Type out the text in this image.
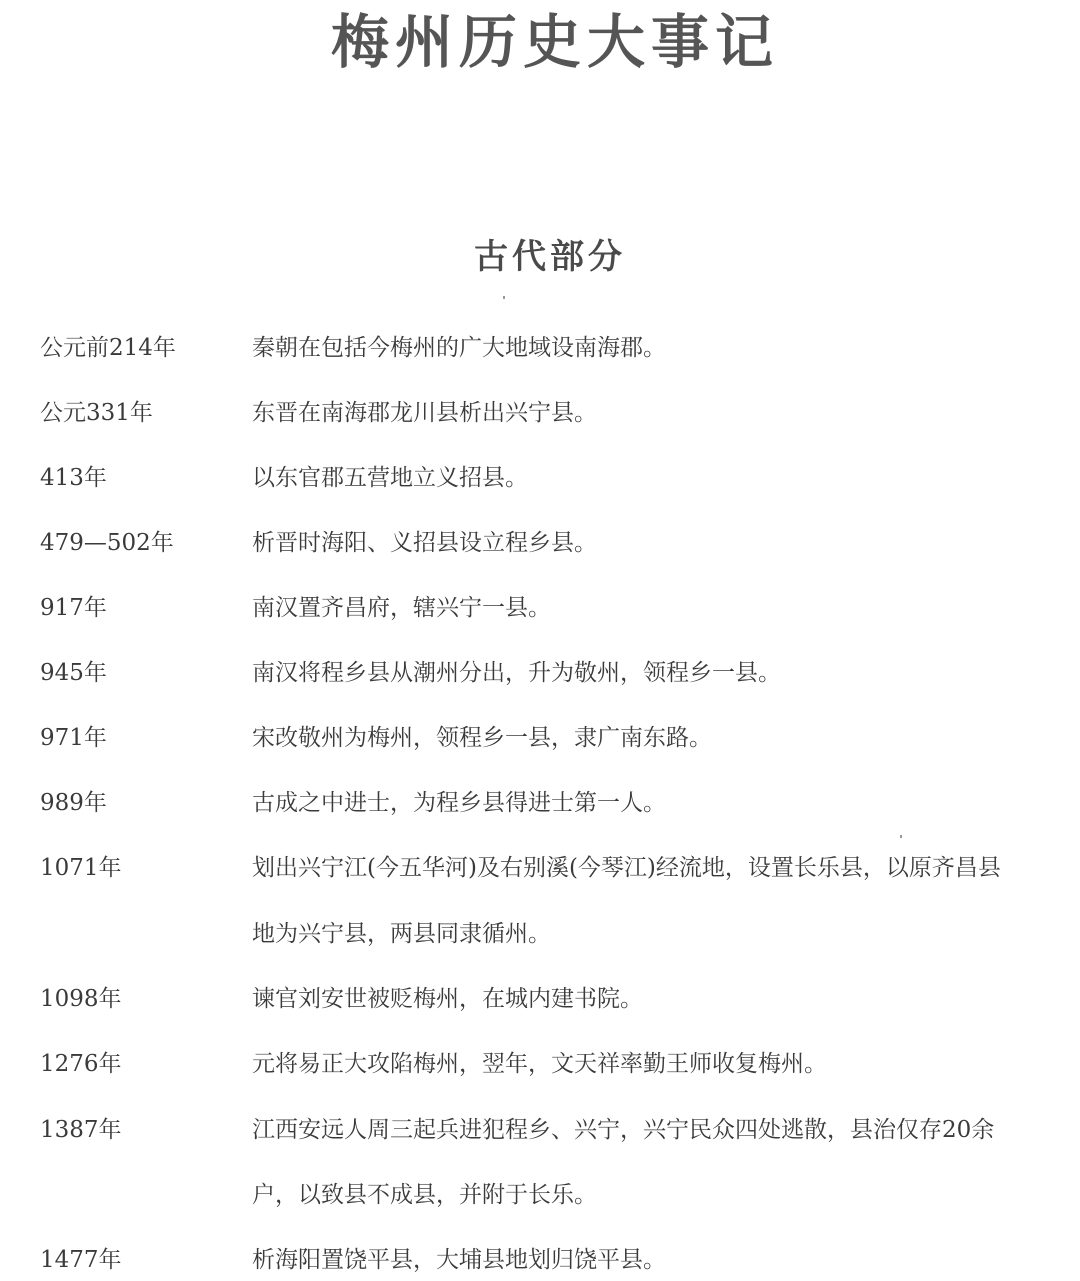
梅州历史大事记
古代部分
公元前214年	秦朝在包括今梅州的广大地域设南海郡。
公元331年	东晋在南海郡龙川县析出兴宁县。
413年	以东官郡五营地立义招县。
479—502年	析晋时海阳、义招县设立程乡县。
917年	南汉置齐昌府，辖兴宁一县。
945年	南汉将程乡县从潮州分出，升为敬州，领程乡一县。
971年	宋改敬州为梅州，领程乡一县，隶广南东路。
989年	古成之中进士，为程乡县得进士第一人。
1071年	划出兴宁江(今五华河)及右别溪(今琴江)经流地，设置长乐县，以原齐昌县
地为兴宁县，两县同隶循州。
1098年	谏官刘安世被贬梅州，在城内建书院。
1276年	元将易正大攻陷梅州，翌年，文天祥率勤王师收复梅州。
1387年	江西安远人周三起兵进犯程乡、兴宁，兴宁民众四处逃散，县治仅存20余
户，以致县不成县，并附于长乐。
1477年	析海阳置饶平县，大埔县地划归饶平县。
